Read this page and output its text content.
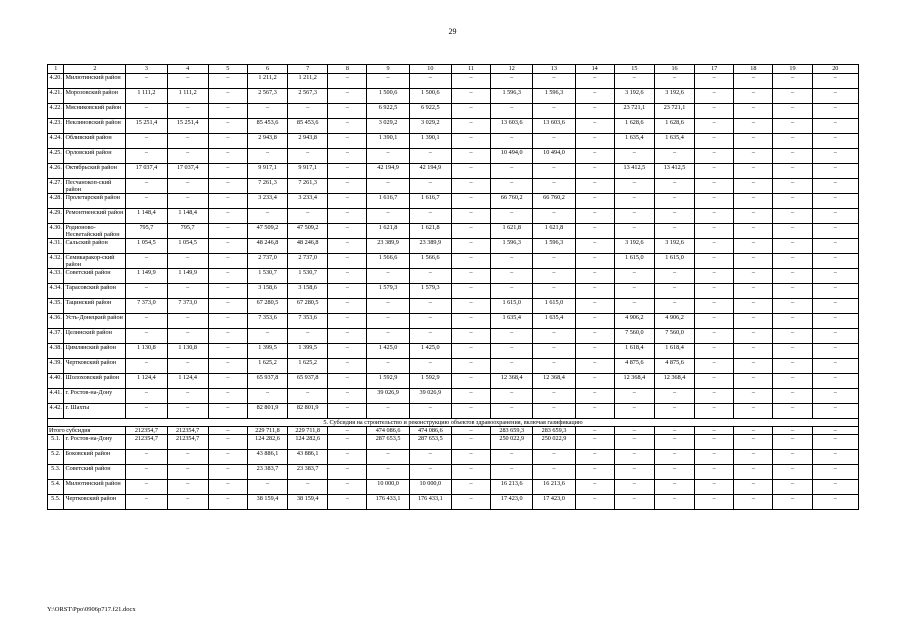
29
1	2	3	4	5	6	7	8	9	10	11	12	13	14	15	16	17	18	19	20
4.20.	Милютинский район	–	–	–	1 211,2	1 211,2	–	–	–	–	–	–	–	–	–	–	–	–	–
4.21.	Морозовский район	1 111,2	1 111,2	–	2 567,3	2 567,3	–	1 500,6	1 500,6	–	1 596,3	1 596,3	–	3 192,6	3 192,6	–	–	–	–
4.22.	Мясниковский район	–	–	–	–	–	–	6 922,5	6 922,5	–	–	–	–	23 721,1	23 721,1	–	–	–	–
4.23.	Неклиновский район	15 251,4	15 251,4	–	85 453,6	85 453,6	–	3 029,2	3 029,2	–	13 603,6	13 603,6	–	1 628,6	1 628,6	–	–	–	–
4.24.	Обливский район	–	–	–	2 943,8	2 943,8	–	1 390,1	1 390,1	–	–	–	–	1 635,4	1 635,4	–	–	–	–
4.25.	Орловский район	–	–	–	–	–	–	–	–	–	10 494,0	10 494,0	–	–	–	–	–	–	–
4.26.	Октябрьский район	17 037,4	17 037,4	–	9 917,1	9 917,1	–	42 194,9	42 194,9	–	–	–	–	13 412,5	13 412,5	–	–	–	–
4.27.	Песчанокоп-ский район	–	–	–	7 261,3	7 261,3	–	–	–	–	–	–	–	–	–	–	–	–	–
4.28.	Пролетарский район	–	–	–	3 233,4	3 233,4	–	1 616,7	1 616,7	–	66 760,2	66 760,2	–	–	–	–	–	–	–
4.29.	Ремонтненский район	1 148,4	1 148,4	–	–	–	–	–	–	–	–	–	–	–	–	–	–	–	–
4.30.	Родионово-Несветайский район	795,7	795,7	–	47 509,2	47 509,2	–	1 621,8	1 621,8	–	1 621,8	1 621,8	–	–	–	–	–	–	–
4.31.	Сальский район	1 054,5	1 054,5	–	48 246,8	48 246,8	–	23 389,9	23 389,9	–	1 596,3	1 596,3	–	3 192,6	3 192,6	–	–	–	–
4.32.	Семикаракор-ский район	–	–	–	2 737,0	2 737,0	–	1 566,6	1 566,6	–	–	–	–	1 615,0	1 615,0	–	–	–	–
4.33.	Советский район	1 149,9	1 149,9	–	1 530,7	1 530,7	–	–	–	–	–	–	–	–	–	–	–	–	–
4.34.	Тарасовский район	–	–	–	3 158,6	3 158,6	–	1 579,3	1 579,3	–	–	–	–	–	–	–	–	–	–
4.35.	Тацинский район	7 373,0	7 373,0	–	67 280,5	67 280,5	–	–	–	–	1 615,0	1 615,0	–	–	–	–	–	–	–
4.36.	Усть-Донецкий район	–	–	–	7 353,6	7 353,6	–	–	–	–	1 635,4	1 635,4	–	4 906,2	4 906,2	–	–	–	–
4.37.	Целинский район	–	–	–	–	–	–	–	–	–	–	–	–	7 560,0	7 560,0	–	–	–	–
4.38.	Цимлянский район	1 130,8	1 130,8	–	1 399,5	1 399,5	–	1 425,0	1 425,0	–	–	–	–	1 618,4	1 618,4	–	–	–	–
4.39.	Чертковский район	–	–	–	1 625,2	1 625,2	–	–	–	–	–	–	–	4 875,6	4 875,6	–	–	–	–
4.40.	Шолоховский район	1 124,4	1 124,4	–	65 937,8	65 937,8	–	1 592,9	1 592,9	–	12 368,4	12 368,4	–	12 368,4	12 368,4	–	–	–	–
4.41.	г. Ростов-на-Дону	–	–	–	–	–	–	39 026,9	39 026,9	–	–	–	–	–	–	–	–	–	–
4.42.	г. Шахты	–	–	–	82 801,9	82 801,9	–	–	–	–	–	–	–	–	–	–	–	–	–
5. Субсидия на строительство и реконструкцию объектов здравоохранения, включая газификацию																			
Итого субсидия		212354,7	212354,7	–	229 711,8	229 711,8	–	474 086,6	474 086,6	–	283 659,3	283 659,3	–	–	–	–	–	–	–
5.1.	г. Ростов-на-Дону	212354,7	212354,7	–	124 282,6	124 282,6	–	287 653,5	287 653,5	–	250 022,9	250 022,9	–	–	–	–	–	–	–
5.2.	Боковский район	–	–	–	43 886,1	43 886,1	–	–	–	–	–	–	–	–	–	–	–	–	–
5.3.	Советский район	–	–	–	23 383,7	23 383,7	–	–	–	–	–	–	–	–	–	–	–	–	–
5.4.	Милютинский район	–	–	–	–	–	–	10 000,0	10 000,0	–	16 213,6	16 213,6	–	–	–	–	–	–	–
5.5.	Чертковский район	–	–	–	38 159,4	38 159,4	–	176 433,1	176 433,1	–	17 423,0	17 423,0	–	–	–	–	–	–	–
Y:\ORST\Ppo\0906p717.f21.docx
